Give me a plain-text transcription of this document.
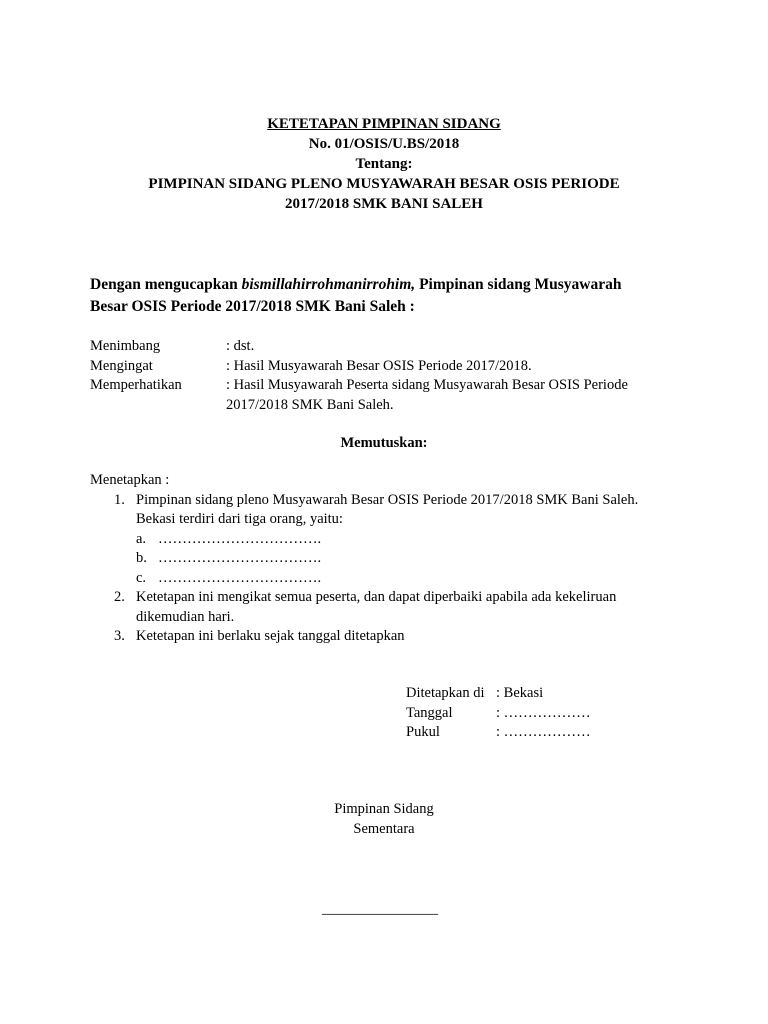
KETETAPAN PIMPINAN SIDANG
No. 01/OSIS/U.BS/2018
Tentang:
PIMPINAN SIDANG PLENO MUSYAWARAH BESAR OSIS PERIODE
2017/2018 SMK BANI SALEH
Dengan mengucapkan bismillahirrohmanirrohim, Pimpinan sidang Musyawarah
Besar OSIS Periode 2017/2018 SMK Bani Saleh :
Menimbang	: dst.
Mengingat	: Hasil Musyawarah Besar OSIS Periode 2017/2018.
Memperhatikan	: Hasil Musyawarah Peserta sidang Musyawarah Besar OSIS Periode
2017/2018 SMK Bani Saleh.
Memutuskan:
Menetapkan :
1. Pimpinan sidang pleno Musyawarah Besar OSIS Periode 2017/2018 SMK Bani Saleh.
Bekasi terdiri dari tiga orang, yaitu:
a. …………………………….
b. …………………………….
c. …………………………….
2. Ketetapan ini mengikat semua peserta, dan dapat diperbaiki apabila ada kekeliruan
dikemudian hari.
3. Ketetapan ini berlaku sejak tanggal ditetapkan
Ditetapkan di : Bekasi
Tanggal	: ………………
Pukul	: ………………
Pimpinan Sidang
Sementara
________________
